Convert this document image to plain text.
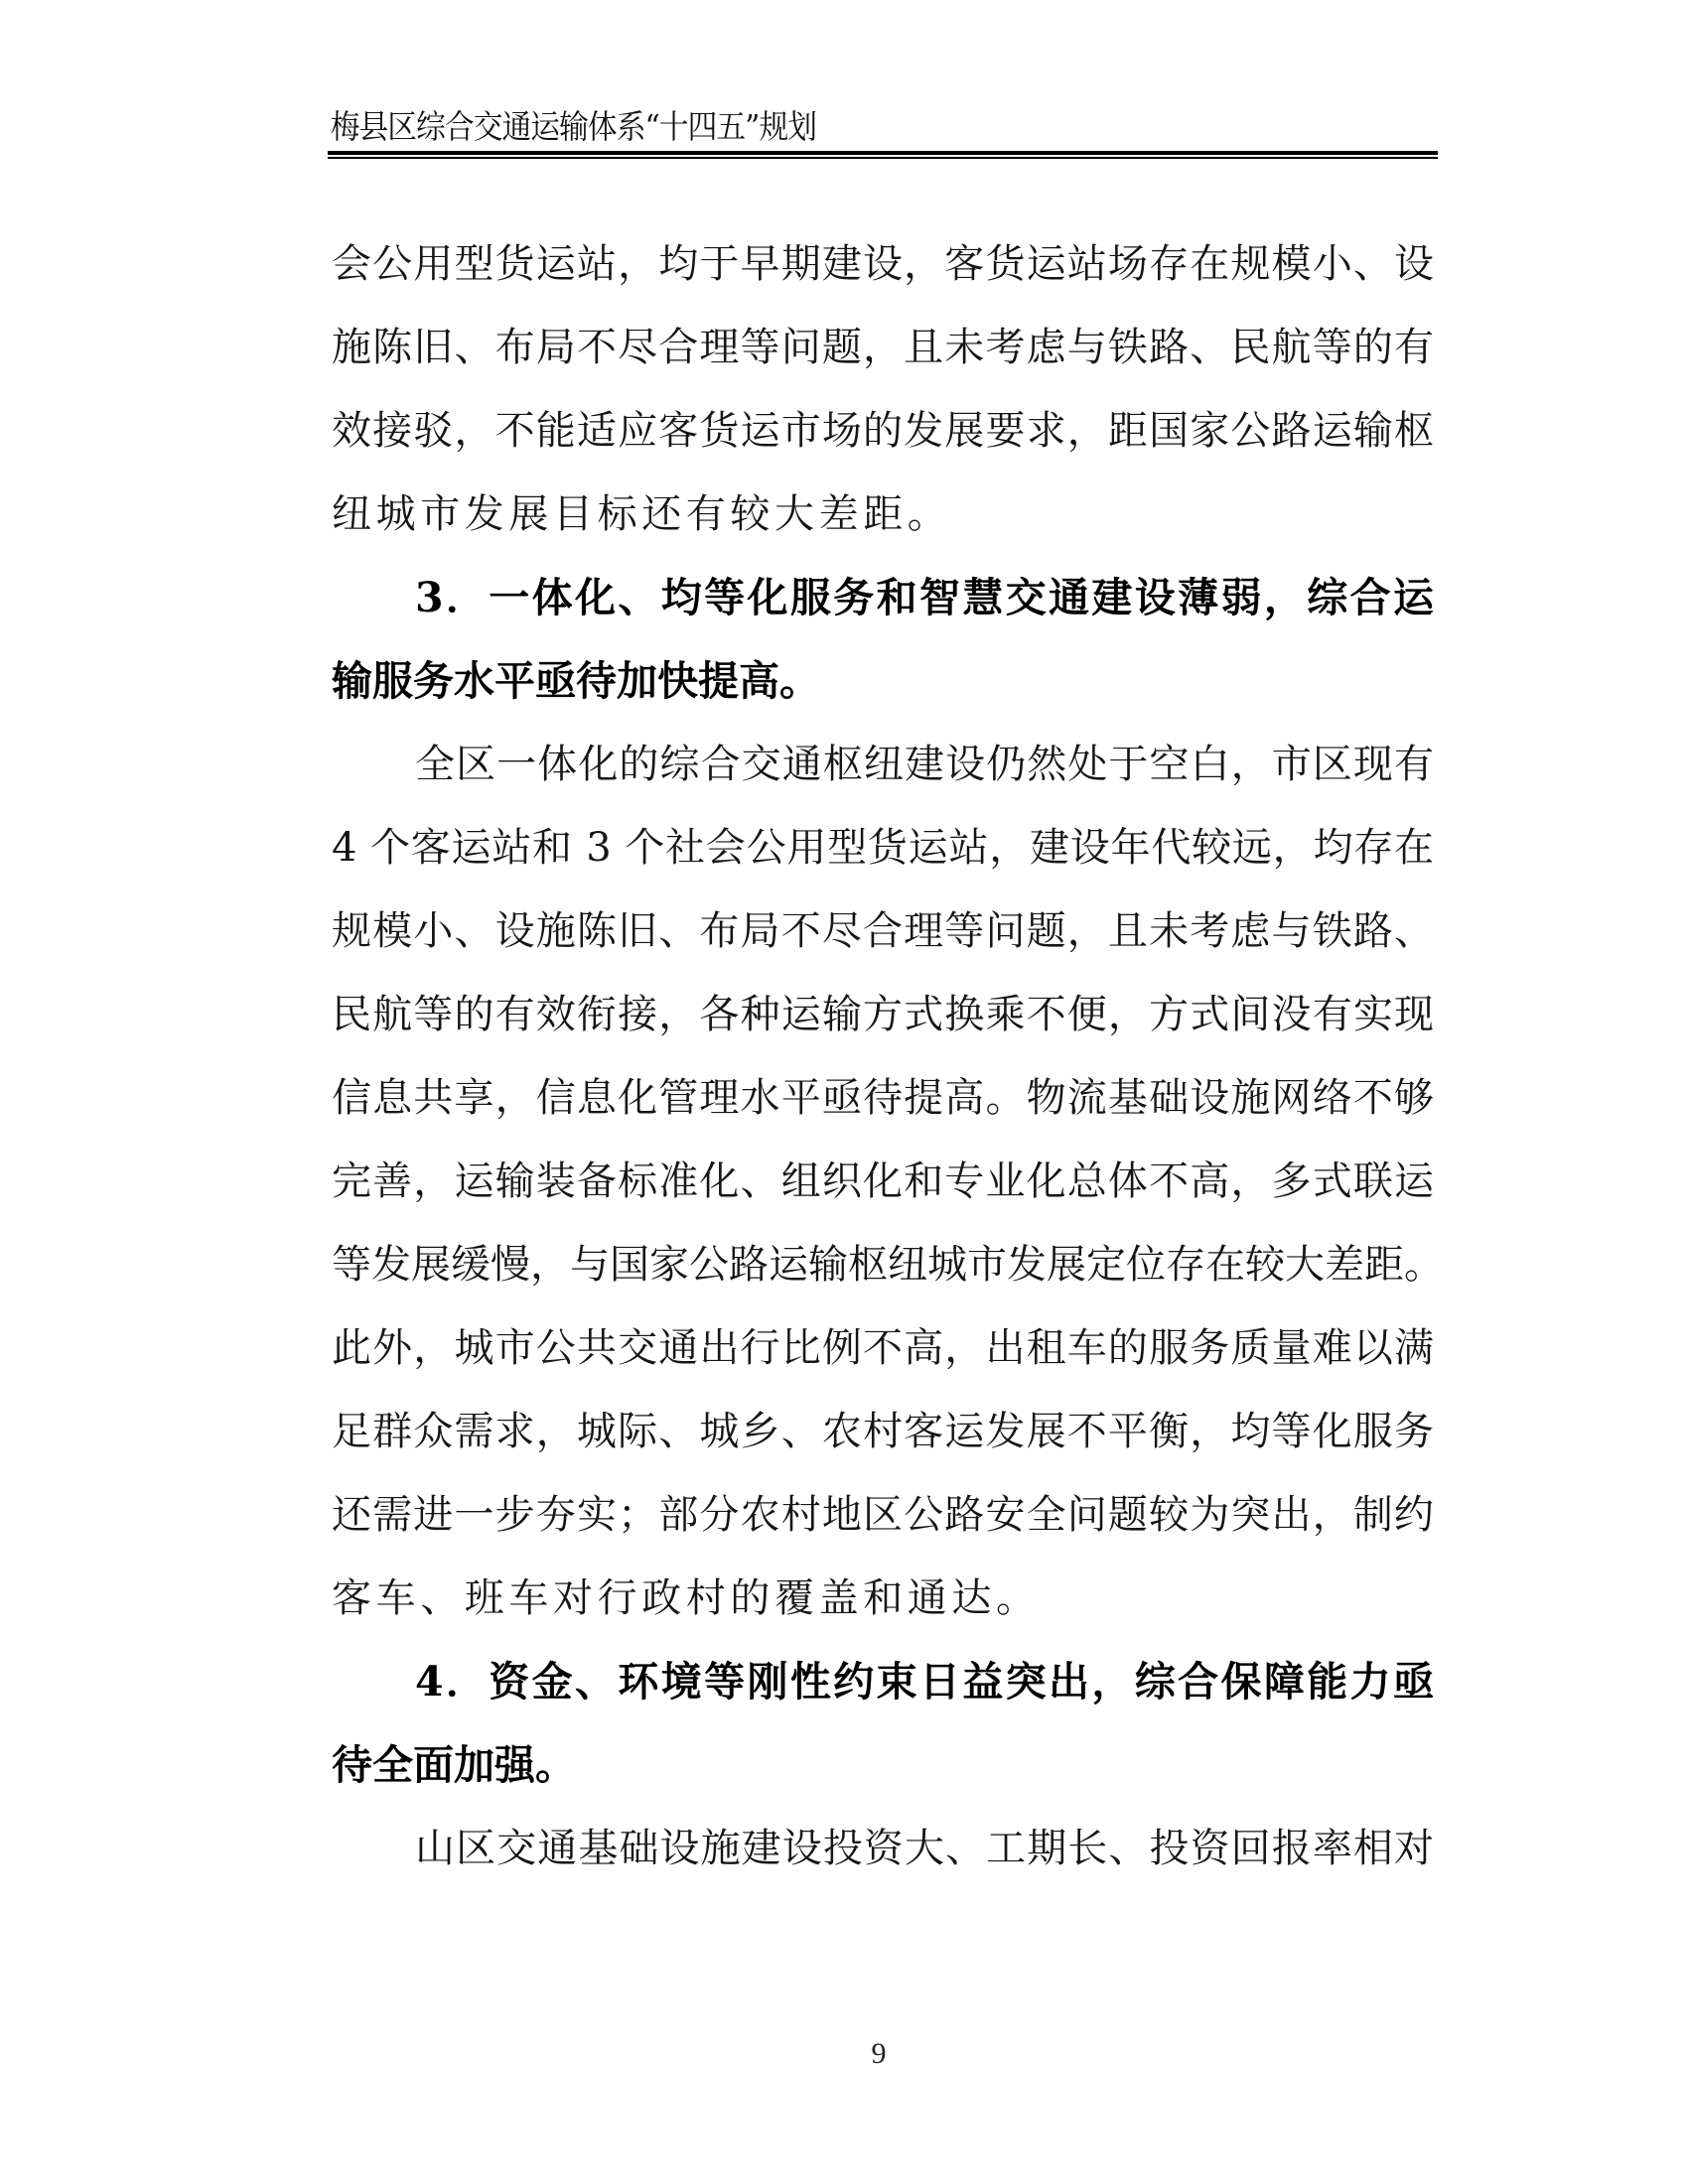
梅县区综合交通运输体系“十四五”规划
会公用型货运站，均于早期建设，客货运站场存在规模小、设
施陈旧、布局不尽合理等问题，且未考虑与铁路、民航等的有
效接驳，不能适应客货运市场的发展要求，距国家公路运输枢
纽城市发展目标还有较大差距。
3．一体化、均等化服务和智慧交通建设薄弱，综合运
输服务水平亟待加快提高。
全区一体化的综合交通枢纽建设仍然处于空白，市区现有
4 个客运站和 3 个社会公用型货运站，建设年代较远，均存在
规模小、设施陈旧、布局不尽合理等问题，且未考虑与铁路、
民航等的有效衔接，各种运输方式换乘不便，方式间没有实现
信息共享，信息化管理水平亟待提高。物流基础设施网络不够
完善，运输装备标准化、组织化和专业化总体不高，多式联运
等发展缓慢，与国家公路运输枢纽城市发展定位存在较大差距。
此外，城市公共交通出行比例不高，出租车的服务质量难以满
足群众需求，城际、城乡、农村客运发展不平衡，均等化服务
还需进一步夯实；部分农村地区公路安全问题较为突出，制约
客车、班车对行政村的覆盖和通达。
4．资金、环境等刚性约束日益突出，综合保障能力亟
待全面加强。
山区交通基础设施建设投资大、工期长、投资回报率相对
9
